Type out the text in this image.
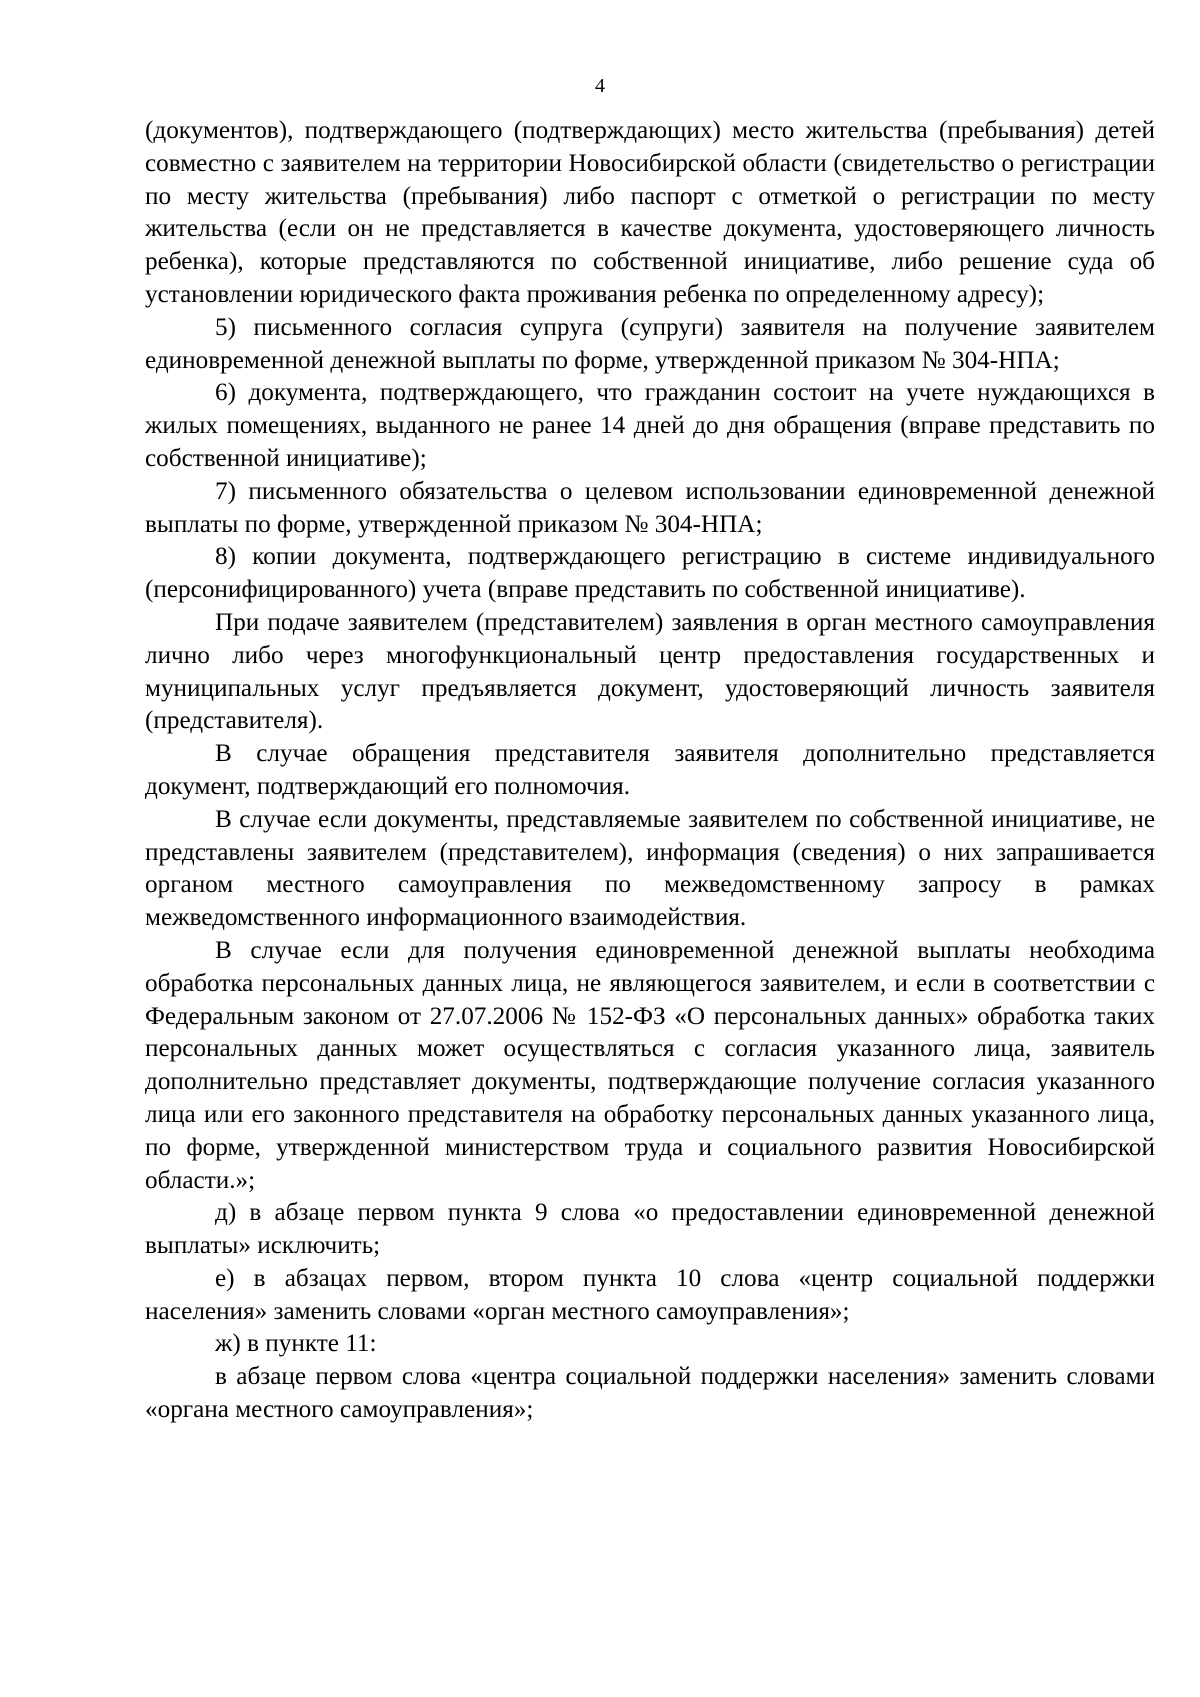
4

(документов), подтверждающего (подтверждающих) место жительства (пребывания) детей совместно с заявителем на территории Новосибирской области (свидетельство о регистрации по месту жительства (пребывания) либо паспорт с отметкой о регистрации по месту жительства (если он не представляется в качестве документа, удостоверяющего личность ребенка), которые представляются по собственной инициативе, либо решение суда об установлении юридического факта проживания ребенка по определенному адресу);

5) письменного согласия супруга (супруги) заявителя на получение заявителем единовременной денежной выплаты по форме, утвержденной приказом № 304-НПА;

6) документа, подтверждающего, что гражданин состоит на учете нуждающихся в жилых помещениях, выданного не ранее 14 дней до дня обращения (вправе представить по собственной инициативе);

7) письменного обязательства о целевом использовании единовременной денежной выплаты по форме, утвержденной приказом № 304-НПА;

8) копии документа, подтверждающего регистрацию в системе индивидуального (персонифицированного) учета (вправе представить по собственной инициативе).

При подаче заявителем (представителем) заявления в орган местного самоуправления лично либо через многофункциональный центр предоставления государственных и муниципальных услуг предъявляется документ, удостоверяющий личность заявителя (представителя).

В случае обращения представителя заявителя дополнительно представляется документ, подтверждающий его полномочия.

В случае если документы, представляемые заявителем по собственной инициативе, не представлены заявителем (представителем), информация (сведения) о них запрашивается органом местного самоуправления по межведомственному запросу в рамках межведомственного информационного взаимодействия.

В случае если для получения единовременной денежной выплаты необходима обработка персональных данных лица, не являющегося заявителем, и если в соответствии с Федеральным законом от 27.07.2006 № 152-ФЗ «О персональных данных» обработка таких персональных данных может осуществляться с согласия указанного лица, заявитель дополнительно представляет документы, подтверждающие получение согласия указанного лица или его законного представителя на обработку персональных данных указанного лица, по форме, утвержденной министерством труда и социального развития Новосибирской области.»;

д) в абзаце первом пункта 9 слова «о предоставлении единовременной денежной выплаты» исключить;

е) в абзацах первом, втором пункта 10 слова «центр социальной поддержки населения» заменить словами «орган местного самоуправления»;

ж) в пункте 11:

в абзаце первом слова «центра социальной поддержки населения» заменить словами «органа местного самоуправления»;
